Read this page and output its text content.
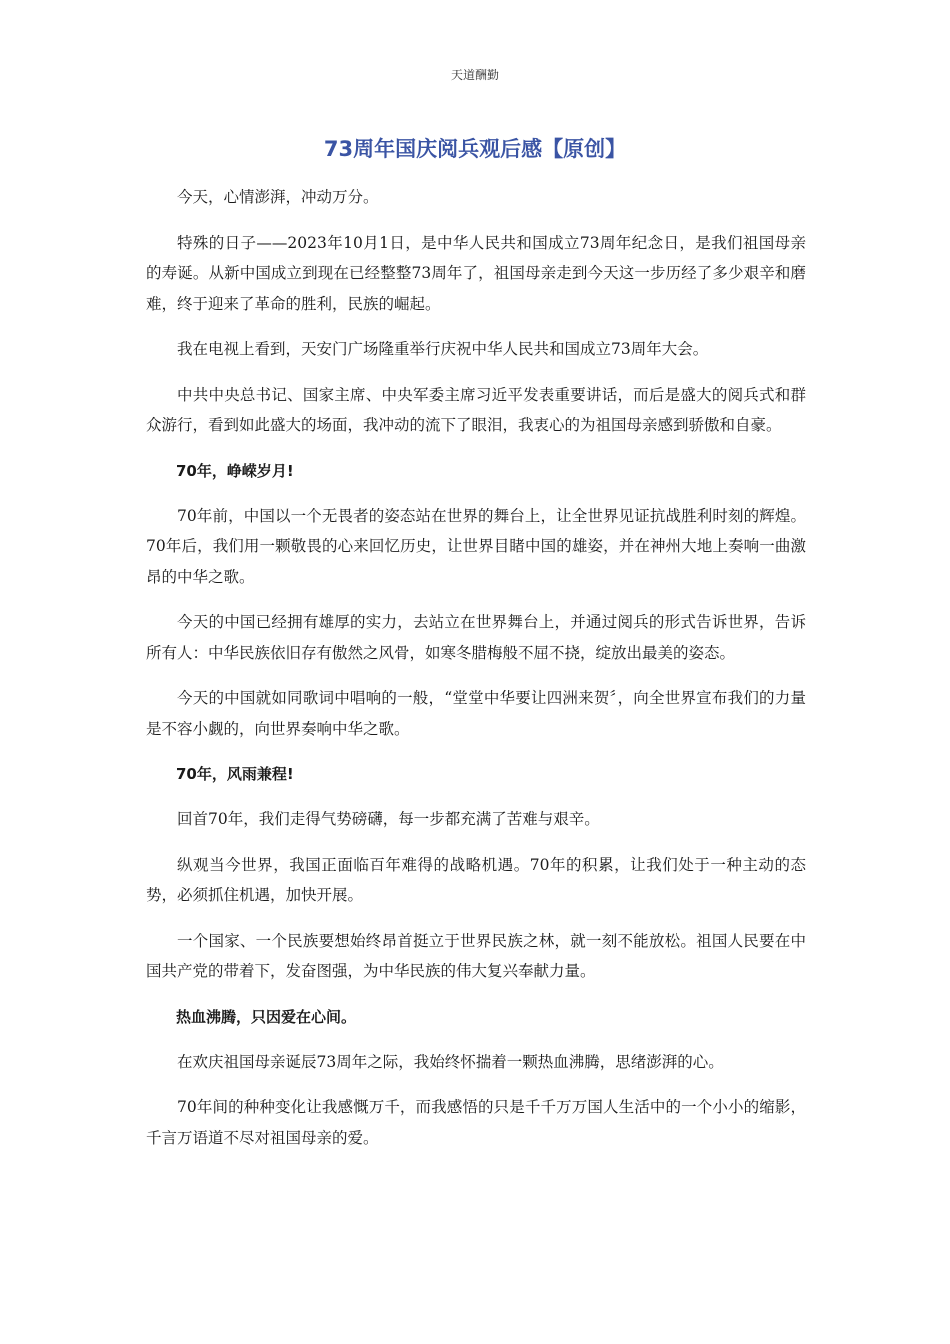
天道酬勤
73周年国庆阅兵观后感【原创】

今天，心情澎湃，冲动万分。

特殊的日子——2023年10月1日，是中华人民共和国成立73周年纪念日，是我们祖国母亲的寿诞。从新中国成立到现在已经整整73周年了，祖国母亲走到今天这一步历经了多少艰辛和磨难，终于迎来了革命的胜利，民族的崛起。

我在电视上看到，天安门广场隆重举行庆祝中华人民共和国成立73周年大会。

中共中央总书记、国家主席、中央军委主席习近平发表重要讲话，而后是盛大的阅兵式和群众游行，看到如此盛大的场面，我冲动的流下了眼泪，我衷心的为祖国母亲感到骄傲和自豪。

70年，峥嵘岁月!

70年前，中国以一个无畏者的姿态站在世界的舞台上，让全世界见证抗战胜利时刻的辉煌。70年后，我们用一颗敬畏的心来回忆历史，让世界目睹中国的雄姿，并在神州大地上奏响一曲激昂的中华之歌。

今天的中国已经拥有雄厚的实力，去站立在世界舞台上，并通过阅兵的形式告诉世界，告诉所有人：中华民族依旧存有傲然之风骨，如寒冬腊梅般不屈不挠，绽放出最美的姿态。

今天的中国就如同歌词中唱响的一般，“堂堂中华要让四洲来贺〞，向全世界宣布我们的力量是不容小觑的，向世界奏响中华之歌。

70年，风雨兼程!

回首70年，我们走得气势磅礴，每一步都充满了苦难与艰辛。

纵观当今世界，我国正面临百年难得的战略机遇。70年的积累，让我们处于一种主动的态势，必须抓住机遇，加快开展。

一个国家、一个民族要想始终昂首挺立于世界民族之林，就一刻不能放松。祖国人民要在中国共产党的带着下，发奋图强，为中华民族的伟大复兴奉献力量。

热血沸腾，只因爱在心间。

在欢庆祖国母亲诞辰73周年之际，我始终怀揣着一颗热血沸腾，思绪澎湃的心。

70年间的种种变化让我感慨万千，而我感悟的只是千千万万国人生活中的一个小小的缩影，千言万语道不尽对祖国母亲的爱。
